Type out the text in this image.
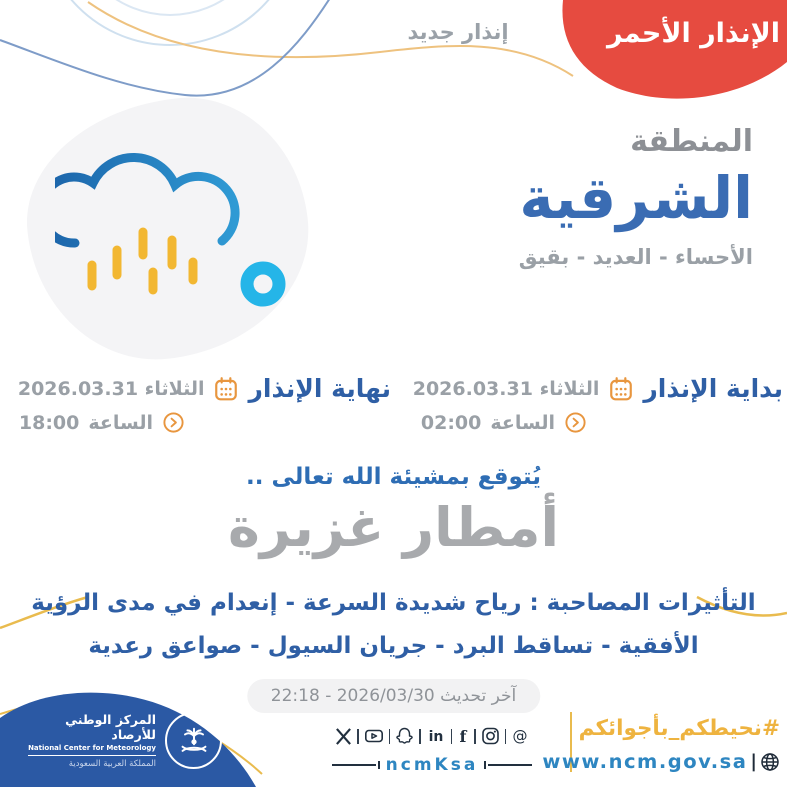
إنذار جديد	الإنذار الأحمر
المنطقة
الشرقية
الأحساء - العديد - بقيق
بداية الإنذار
الثلاثاء 2026.03.31
الساعة
02:00
نهاية الإنذار
الثلاثاء 2026.03.31
الساعة
18:00
يُتوقع بمشيئة الله تعالى ..
أمطار غزيرة
التأثيرات المصاحبة : رياح شديدة السرعة - إنعدام في مدى الرؤية
الأفقية - تساقط البرد - جريان السيول - صواعق رعدية
آخر تحديث 2026/03/30 - 22:18
المركز الوطني للأرصاد
National Center for Meteorology
المملكة العربية السعودية
in f	@
ncmKsa
#نحيطكم_بأجوائكم
www.ncm.gov.sa |
